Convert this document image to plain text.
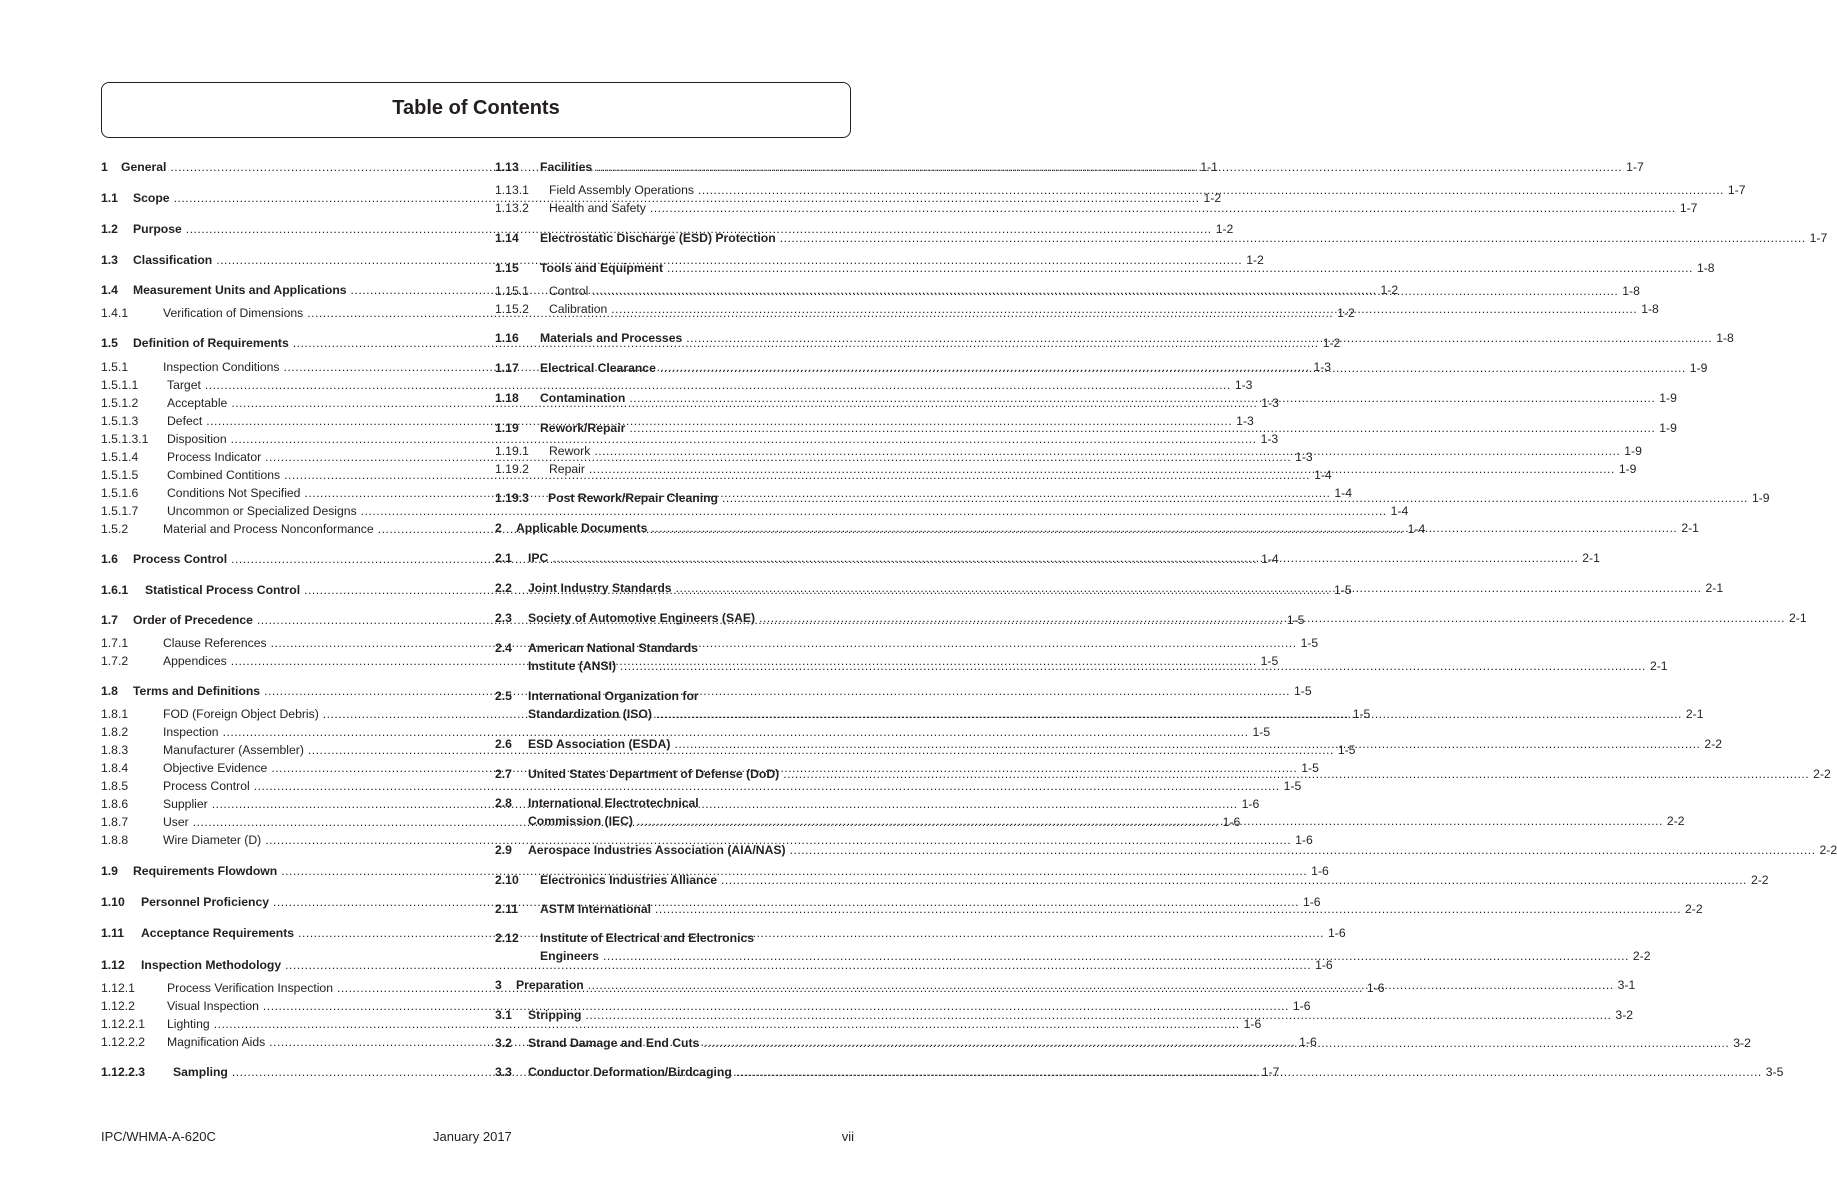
Table of Contents
1	General .....	1-1
1.1	Scope .....	1-2
1.2	Purpose .....	1-2
1.3	Classification .....	1-2
1.4	Measurement Units and Applications .....	1-2
1.4.1	Verification of Dimensions .....	1-2
1.5	Definition of Requirements .....	1-2
1.5.1	Inspection Conditions .....	1-3
1.5.1.1	Target .....	1-3
1.5.1.2	Acceptable .....	1-3
1.5.1.3	Defect .....	1-3
1.5.1.3.1	Disposition .....	1-3
1.5.1.4	Process Indicator .....	1-3
1.5.1.5	Combined Contitions .....	1-4
1.5.1.6	Conditions Not Specified .....	1-4
1.5.1.7	Uncommon or Specialized Designs .....	1-4
1.5.2	Material and Process Nonconformance .....	1-4
1.6	Process Control .....	1-4
1.6.1	Statistical Process Control .....	1-5
1.7	Order of Precedence .....	1-5
1.7.1	Clause References .....	1-5
1.7.2	Appendices .....	1-5
1.8	Terms and Definitions .....	1-5
1.8.1	FOD (Foreign Object Debris) .....	1-5
1.8.2	Inspection .....	1-5
1.8.3	Manufacturer (Assembler) .....	1-5
1.8.4	Objective Evidence .....	1-5
1.8.5	Process Control .....	1-5
1.8.6	Supplier .....	1-6
1.8.7	User .....	1-6
1.8.8	Wire Diameter (D) .....	1-6
1.9	Requirements Flowdown .....	1-6
1.10	Personnel Proficiency .....	1-6
1.11	Acceptance Requirements .....	1-6
1.12	Inspection Methodology .....	1-6
1.12.1	Process Verification Inspection .....	1-6
1.12.2	Visual Inspection .....	1-6
1.12.2.1	Lighting .....	1-6
1.12.2.2	Magnification Aids .....	1-6
1.12.2.3	Sampling .....	1-7
1.13	Facilities .....	1-7
1.13.1	Field Assembly Operations .....	1-7
1.13.2	Health and Safety .....	1-7
1.14	Electrostatic Discharge (ESD) Protection .....	1-7
1.15	Tools and Equipment .....	1-8
1.15.1	Control .....	1-8
1.15.2	Calibration .....	1-8
1.16	Materials and Processes .....	1-8
1.17	Electrical Clearance .....	1-9
1.18	Contamination .....	1-9
1.19	Rework/Repair .....	1-9
1.19.1	Rework .....	1-9
1.19.2	Repair .....	1-9
1.19.3	Post Rework/Repair Cleaning .....	1-9
2	Applicable Documents .....	2-1
2.1	IPC .....	2-1
2.2	Joint Industry Standards .....	2-1
2.3	Society of Automotive Engineers (SAE) .....	2-1
2.4	American National Standards
Institute (ANSI) .....	2-1
2.5	International Organization for
Standardization (ISO) .....	2-1
2.6	ESD Association (ESDA) .....	2-2
2.7	United States Department of Defense (DoD) .....	2-2
2.8	International Electrotechnical
Commission (IEC) .....	2-2
2.9	Aerospace Industries Association (AIA/NAS) .....	2-2
2.10	Electronics Industries Alliance .....	2-2
2.11	ASTM International .....	2-2
2.12	Institute of Electrical and Electronics
Engineers .....	2-2
3	Preparation .....	3-1
3.1	Stripping .....	3-2
3.2	Strand Damage and End Cuts .....	3-2
3.3	Conductor Deformation/Birdcaging .....	3-5
IPC/WHMA-A-620C	January 2017	vii
